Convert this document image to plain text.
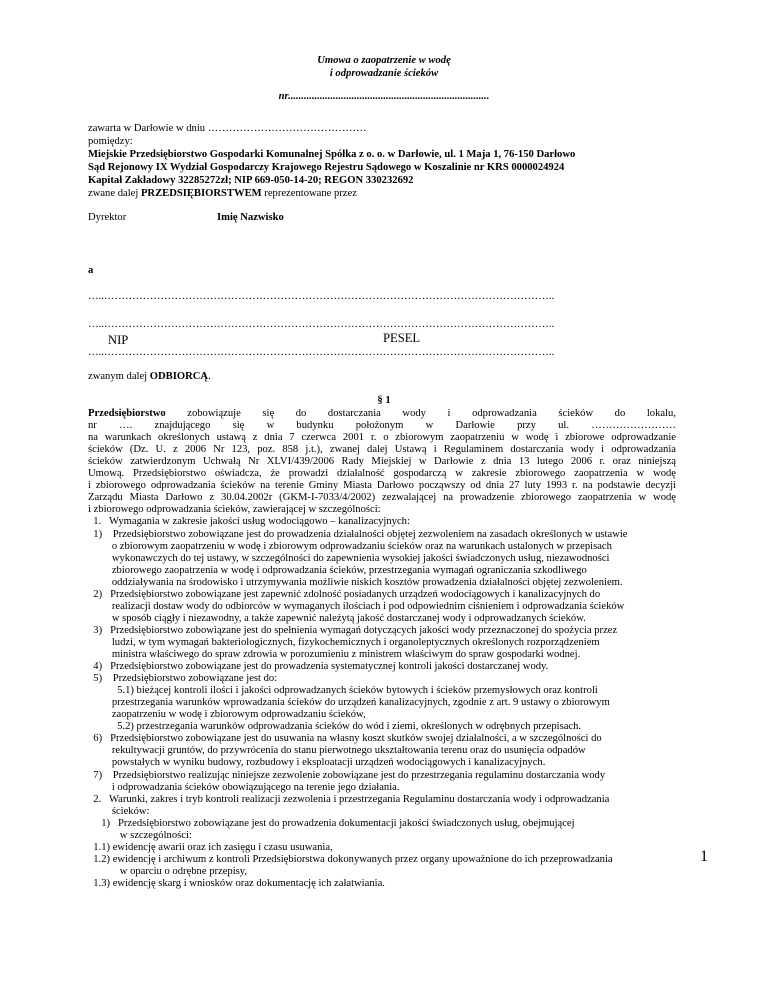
Umowa o zaopatrzenie w wodę
i odprowadzanie ścieków
nr............................................................................
zawarta w Darłowie w dniu ………………………………………
pomiędzy:
Miejskie Przedsiębiorstwo Gospodarki Komunalnej Spółka z o. o. w Darłowie, ul. 1 Maja 1, 76-150 Darłowo
Sąd Rejonowy IX Wydział Gospodarczy Krajowego Rejestru Sądowego w Koszalinie nr KRS 0000024924
Kapitał Zakładowy 32285272zł; NIP 669-050-14-20; REGON 330232692
zwane dalej PRZEDSIĘBIORSTWEM reprezentowane przez
Dyrektor	Imię Nazwisko
a
…..………………………………………………………………………………………………………………..
…..………………………………………………………………………………………………………………..
NIP	PESEL
…..………………………………………………………………………………………………………………..
zwanym dalej ODBIORCĄ.
§ 1
Przedsiębiorstwo zobowiązuje się do dostarczania wody i odprowadzania ścieków do lokalu,
nr …. znajdującego się w budynku położonym w Darłowie przy ul. ……………………
na warunkach określonych ustawą z dnia 7 czerwca 2001 r. o zbiorowym zaopatrzeniu w wodę i zbiorowe odprowadzanie
ścieków (Dz. U. z 2006 Nr 123, poz. 858 j.t.), zwanej dalej Ustawą i Regulaminem dostarczania wody i odprowadzania
ścieków zatwierdzonym Uchwałą Nr XLVI/439/2006 Rady Miejskiej w Darłowie z dnia 13 lutego 2006 r. oraz niniejszą
Umową. Przedsiębiorstwo oświadcza, że prowadzi działalność gospodarczą w zakresie zbiorowego zaopatrzenia w wodę
i zbiorowego odprowadzania ścieków na terenie Gminy Miasta Darłowo począwszy od dnia 27 luty 1993 r. na podstawie decyzji
Zarządu Miasta Darłowo z 30.04.2002r (GKM-I-7033/4/2002) zezwalającej na prowadzenie zbiorowego zaopatrzenia w wodę
i zbiorowego odprowadzania ścieków, zawierającej w szczególności:
1.   Wymagania w zakresie jakości usług wodociągowo – kanalizacyjnych:
1)    Przedsiębiorstwo zobowiązane jest do prowadzenia działalności objętej zezwoleniem na zasadach określonych w ustawie
o zbiorowym zaopatrzeniu w wodę i zbiorowym odprowadzaniu ścieków oraz na warunkach ustalonych w przepisach
wykonawczych do tej ustawy, w szczególności do zapewnienia wysokiej jakości świadczonych usług, niezawodności
zbiorowego zaopatrzenia w wodę i odprowadzania ścieków, przestrzegania wymagań ograniczania szkodliwego
oddziaływania na środowisko i utrzymywania możliwie niskich kosztów prowadzenia działalności objętej zezwoleniem.
2)   Przedsiębiorstwo zobowiązane jest zapewnić zdolność posiadanych urządzeń wodociągowych i kanalizacyjnych do
realizacji dostaw wody do odbiorców w wymaganych ilościach i pod odpowiednim ciśnieniem i odprowadzania ścieków
w sposób ciągły i niezawodny, a także zapewnić należytą jakość dostarczanej wody i odprowadzanych ścieków.
3)   Przedsiębiorstwo zobowiązane jest do spełnienia wymagań dotyczących jakości wody przeznaczonej do spożycia przez
ludzi, w tym wymagań bakteriologicznych, fizykochemicznych i organoleptycznych określonych rozporządzeniem
ministra właściwego do spraw zdrowia w porozumieniu z ministrem właściwym do spraw gospodarki wodnej.
4)   Przedsiębiorstwo zobowiązane jest do prowadzenia systematycznej kontroli jakości dostarczanej wody.
5)    Przedsiębiorstwo zobowiązane jest do:
5.1) bieżącej kontroli ilości i jakości odprowadzanych ścieków bytowych i ścieków przemysłowych oraz kontroli
przestrzegania warunków wprowadzania ścieków do urządzeń kanalizacyjnych, zgodnie z art. 9 ustawy o zbiorowym
zaopatrzeniu w wodę i zbiorowym odprowadzaniu ścieków,
5.2) przestrzegania warunków odprowadzania ścieków do wód i ziemi, określonych w odrębnych przepisach.
6)   Przedsiębiorstwo zobowiązane jest do usuwania na własny koszt skutków swojej działalności, a w szczególności do
rekultywacji gruntów, do przywrócenia do stanu pierwotnego ukształtowania terenu oraz do usunięcia odpadów
powstałych w wyniku budowy, rozbudowy i eksploatacji urządzeń wodociągowych i kanalizacyjnych.
7)    Przedsiębiorstwo realizując niniejsze zezwolenie zobowiązane jest do przestrzegania regulaminu dostarczania wody
i odprowadzania ścieków obowiązującego na terenie jego działania.
2.   Warunki, zakres i tryb kontroli realizacji zezwolenia i przestrzegania Regulaminu dostarczania wody i odprowadzania
ścieków:
1)   Przedsiębiorstwo zobowiązane jest do prowadzenia dokumentacji jakości świadczonych usług, obejmującej
w szczególności:
1.1) ewidencję awarii oraz ich zasięgu i czasu usuwania,
1.2) ewidencję i archiwum z kontroli Przedsiębiorstwa dokonywanych przez organy upoważnione do ich przeprowadzania
w oparciu o odrębne przepisy,
1.3) ewidencję skarg i wniosków oraz dokumentację ich załatwiania.
1
